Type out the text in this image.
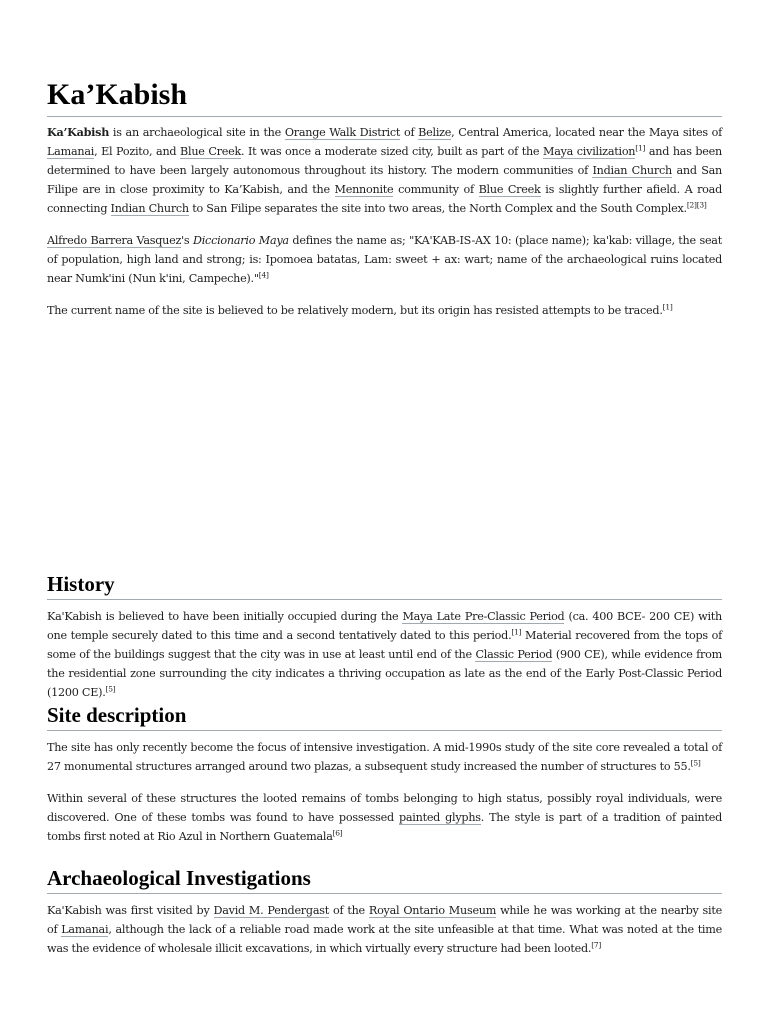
Ka’Kabish

Ka’Kabish is an archaeological site in the Orange Walk District of Belize, Central America, located near the Maya sites of Lamanai, El Pozito, and Blue Creek. It was once a moderate sized city, built as part of the Maya civilization[1] and has been determined to have been largely autonomous throughout its history. The modern communities of Indian Church and San Filipe are in close proximity to Ka’Kabish, and the Mennonite community of Blue Creek is slightly further afield. A road connecting Indian Church to San Filipe separates the site into two areas, the North Complex and the South Complex.[2][3]

Alfredo Barrera Vasquez's Diccionario Maya defines the name as; "KA'KAB-IS-AX 10: (place name); ka'kab: village, the seat of population, high land and strong; is: Ipomoea batatas, Lam: sweet + ax: wart; name of the archaeological ruins located near Numk'ini (Nun k'ini, Campeche)."[4]

The current name of the site is believed to be relatively modern, but its origin has resisted attempts to be traced.[1]

History

Ka'Kabish is believed to have been initially occupied during the Maya Late Pre-Classic Period (ca. 400 BCE- 200 CE) with one temple securely dated to this time and a second tentatively dated to this period.[1] Material recovered from the tops of some of the buildings suggest that the city was in use at least until end of the Classic Period (900 CE), while evidence from the residential zone surrounding the city indicates a thriving occupation as late as the end of the Early Post-Classic Period (1200 CE).[5]

Site description

The site has only recently become the focus of intensive investigation. A mid-1990s study of the site core revealed a total of 27 monumental structures arranged around two plazas, a subsequent study increased the number of structures to 55.[5]

Within several of these structures the looted remains of tombs belonging to high status, possibly royal individuals, were discovered. One of these tombs was found to have possessed painted glyphs. The style is part of a tradition of painted tombs first noted at Rio Azul in Northern Guatemala[6]

Archaeological Investigations

Ka'Kabish was first visited by David M. Pendergast of the Royal Ontario Museum while he was working at the nearby site of Lamanai, although the lack of a reliable road made work at the site unfeasible at that time. What was noted at the time was the evidence of wholesale illicit excavations, in which virtually every structure had been looted.[7]
